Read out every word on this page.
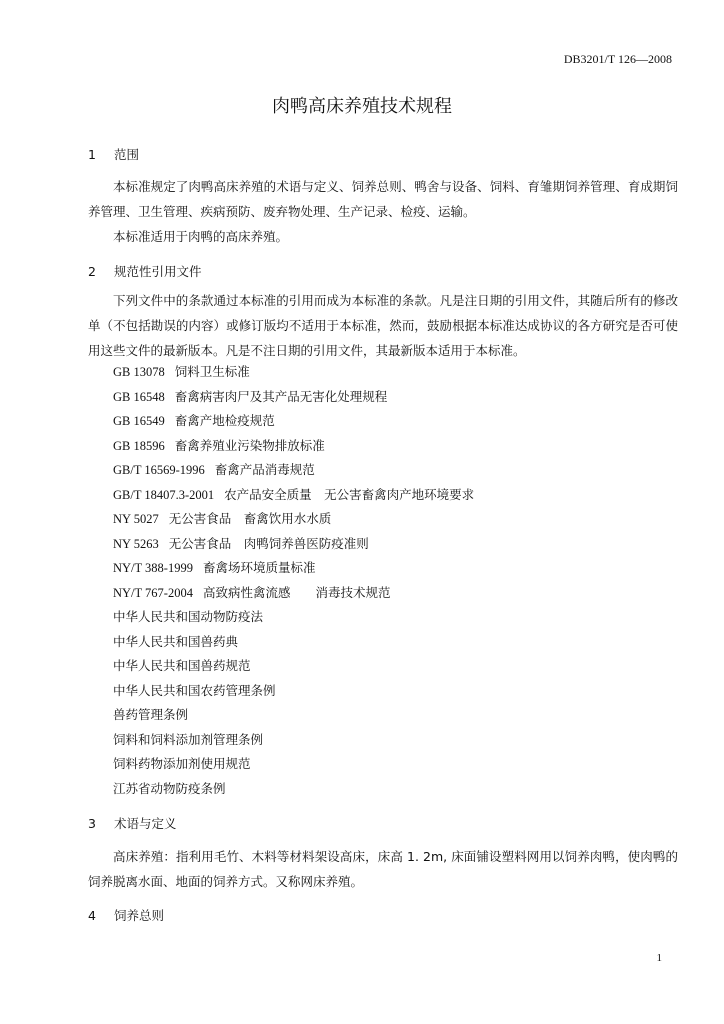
DB3201/T 126—2008
肉鸭高床养殖技术规程
1 范围

本标准规定了肉鸭高床养殖的术语与定义、饲养总则、鸭舍与设备、饲料、育雏期饲养管理、育成期饲养管理、卫生管理、疾病预防、废弃物处理、生产记录、检疫、运输。

本标准适用于肉鸭的高床养殖。

2 规范性引用文件

下列文件中的条款通过本标准的引用而成为本标准的条款。凡是注日期的引用文件，其随后所有的修改单（不包括勘误的内容）或修订版均不适用于本标准，然而，鼓励根据本标准达成协议的各方研究是否可使用这些文件的最新版本。凡是不注日期的引用文件，其最新版本适用于本标准。

GB 13078 饲料卫生标准
GB 16548 畜禽病害肉尸及其产品无害化处理规程
GB 16549 畜禽产地检疫规范
GB 18596 畜禽养殖业污染物排放标准
GB/T 16569-1996 畜禽产品消毒规范
GB/T 18407.3-2001 农产品安全质量　无公害畜禽肉产地环境要求
NY 5027 无公害食品　畜禽饮用水水质
NY 5263 无公害食品　肉鸭饲养兽医防疫准则
NY/T 388-1999 畜禽场环境质量标准
NY/T 767-2004 高致病性禽流感　　消毒技术规范
中华人民共和国动物防疫法
中华人民共和国兽药典
中华人民共和国兽药规范
中华人民共和国农药管理条例
兽药管理条例
饲料和饲料添加剂管理条例
饲料药物添加剂使用规范
江苏省动物防疫条例
3 术语与定义

高床养殖：指利用毛竹、木料等材料架设高床，床高 1. 2m, 床面铺设塑料网用以饲养肉鸭，使肉鸭的饲养脱离水面、地面的饲养方式。又称网床养殖。

4 饲养总则
1
